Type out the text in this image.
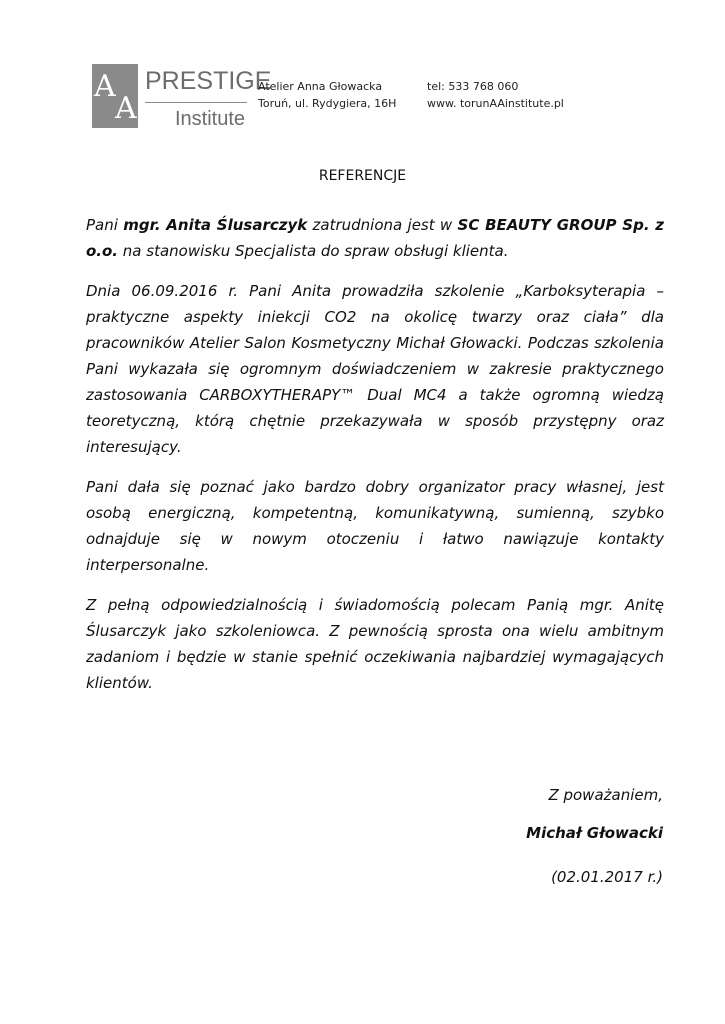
A
A
PRESTIGE
Institute
Atelier Anna Głowacka
Toruń, ul. Rydygiera, 16H
tel: 533 768 060
www. torunAAinstitute.pl
REFERENCJE

Pani mgr. Anita Ślusarczyk zatrudniona jest w SC BEAUTY GROUP Sp. z o.o. na stanowisku Specjalista do spraw obsługi klienta.

Dnia 06.09.2016 r. Pani Anita prowadziła szkolenie „Karboksyterapia – praktyczne aspekty iniekcji CO2 na okolicę twarzy oraz ciała” dla pracowników Atelier Salon Kosmetyczny Michał Głowacki. Podczas szkolenia Pani wykazała się ogromnym doświadczeniem w zakresie praktycznego zastosowania CARBOXYTHERAPY™ Dual MC4 a także ogromną wiedzą teoretyczną, którą chętnie przekazywała w sposób przystępny oraz interesujący.

Pani dała się poznać jako bardzo dobry organizator pracy własnej, jest osobą energiczną, kompetentną, komunikatywną, sumienną, szybko odnajduje się w nowym otoczeniu i łatwo nawiązuje kontakty interpersonalne.

Z pełną odpowiedzialnością i świadomością polecam Panią mgr. Anitę Ślusarczyk jako szkoleniowca. Z pewnością sprosta ona wielu ambitnym zadaniom i będzie w stanie spełnić oczekiwania najbardziej wymagających klientów.

Z poważaniem,
Michał Głowacki
(02.01.2017 r.)
